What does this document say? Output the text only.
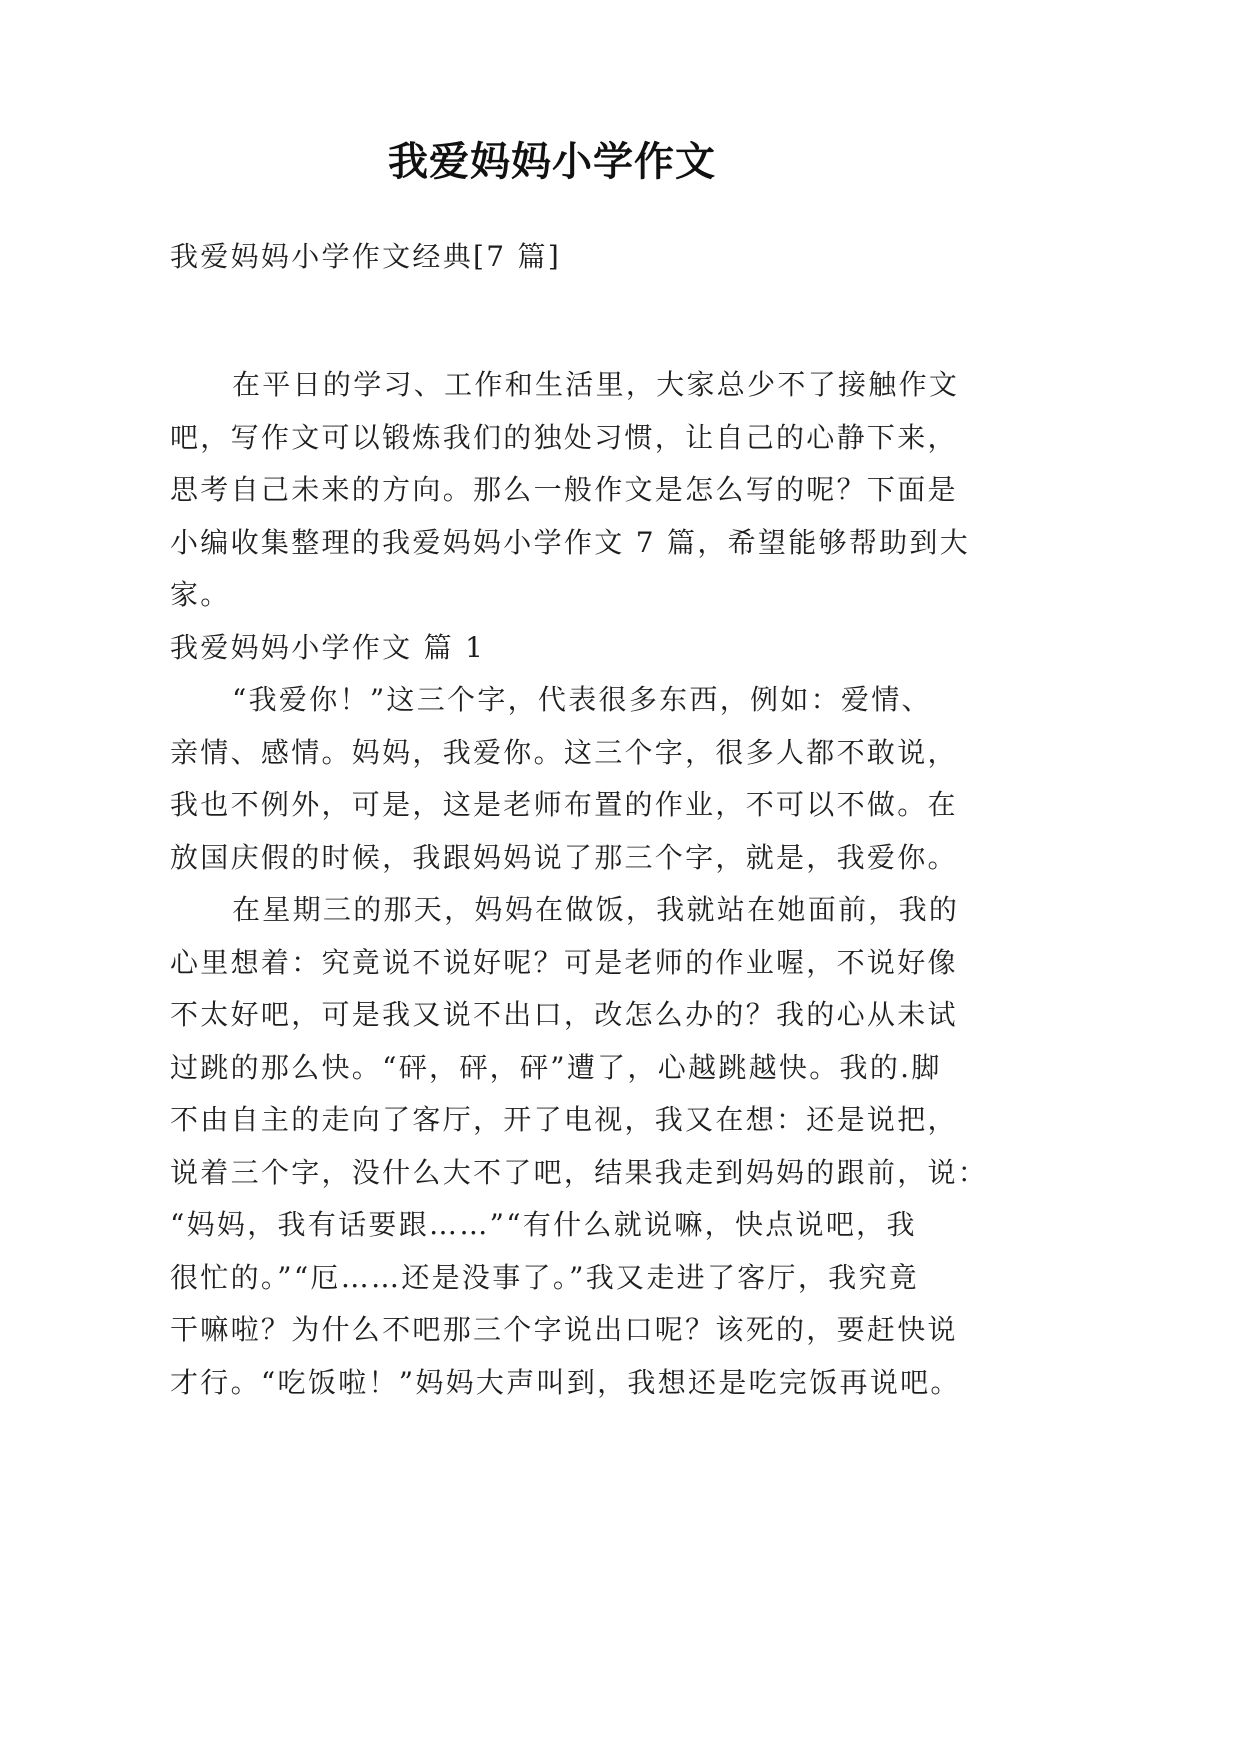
我爱妈妈小学作文
我爱妈妈小学作文经典[7 篇]
在平日的学习、工作和生活里，大家总少不了接触作文
吧，写作文可以锻炼我们的独处习惯，让自己的心静下来，
思考自己未来的方向。那么一般作文是怎么写的呢？下面是
小编收集整理的我爱妈妈小学作文 7 篇，希望能够帮助到大
家。
我爱妈妈小学作文 篇 1
“我爱你！”这三个字，代表很多东西，例如：爱情、
亲情、感情。妈妈，我爱你。这三个字，很多人都不敢说，
我也不例外，可是，这是老师布置的作业，不可以不做。在
放国庆假的时候，我跟妈妈说了那三个字，就是，我爱你。
在星期三的那天，妈妈在做饭，我就站在她面前，我的
心里想着：究竟说不说好呢？可是老师的作业喔，不说好像
不太好吧，可是我又说不出口，改怎么办的？我的心从未试
过跳的那么快。“砰，砰，砰”遭了，心越跳越快。我的.脚
不由自主的走向了客厅，开了电视，我又在想：还是说把，
说着三个字，没什么大不了吧，结果我走到妈妈的跟前，说：
“妈妈，我有话要跟……”“有什么就说嘛，快点说吧，我
很忙的。”“厄……还是没事了。”我又走进了客厅，我究竟
干嘛啦？为什么不吧那三个字说出口呢？该死的，要赶快说
才行。“吃饭啦！”妈妈大声叫到，我想还是吃完饭再说吧。
